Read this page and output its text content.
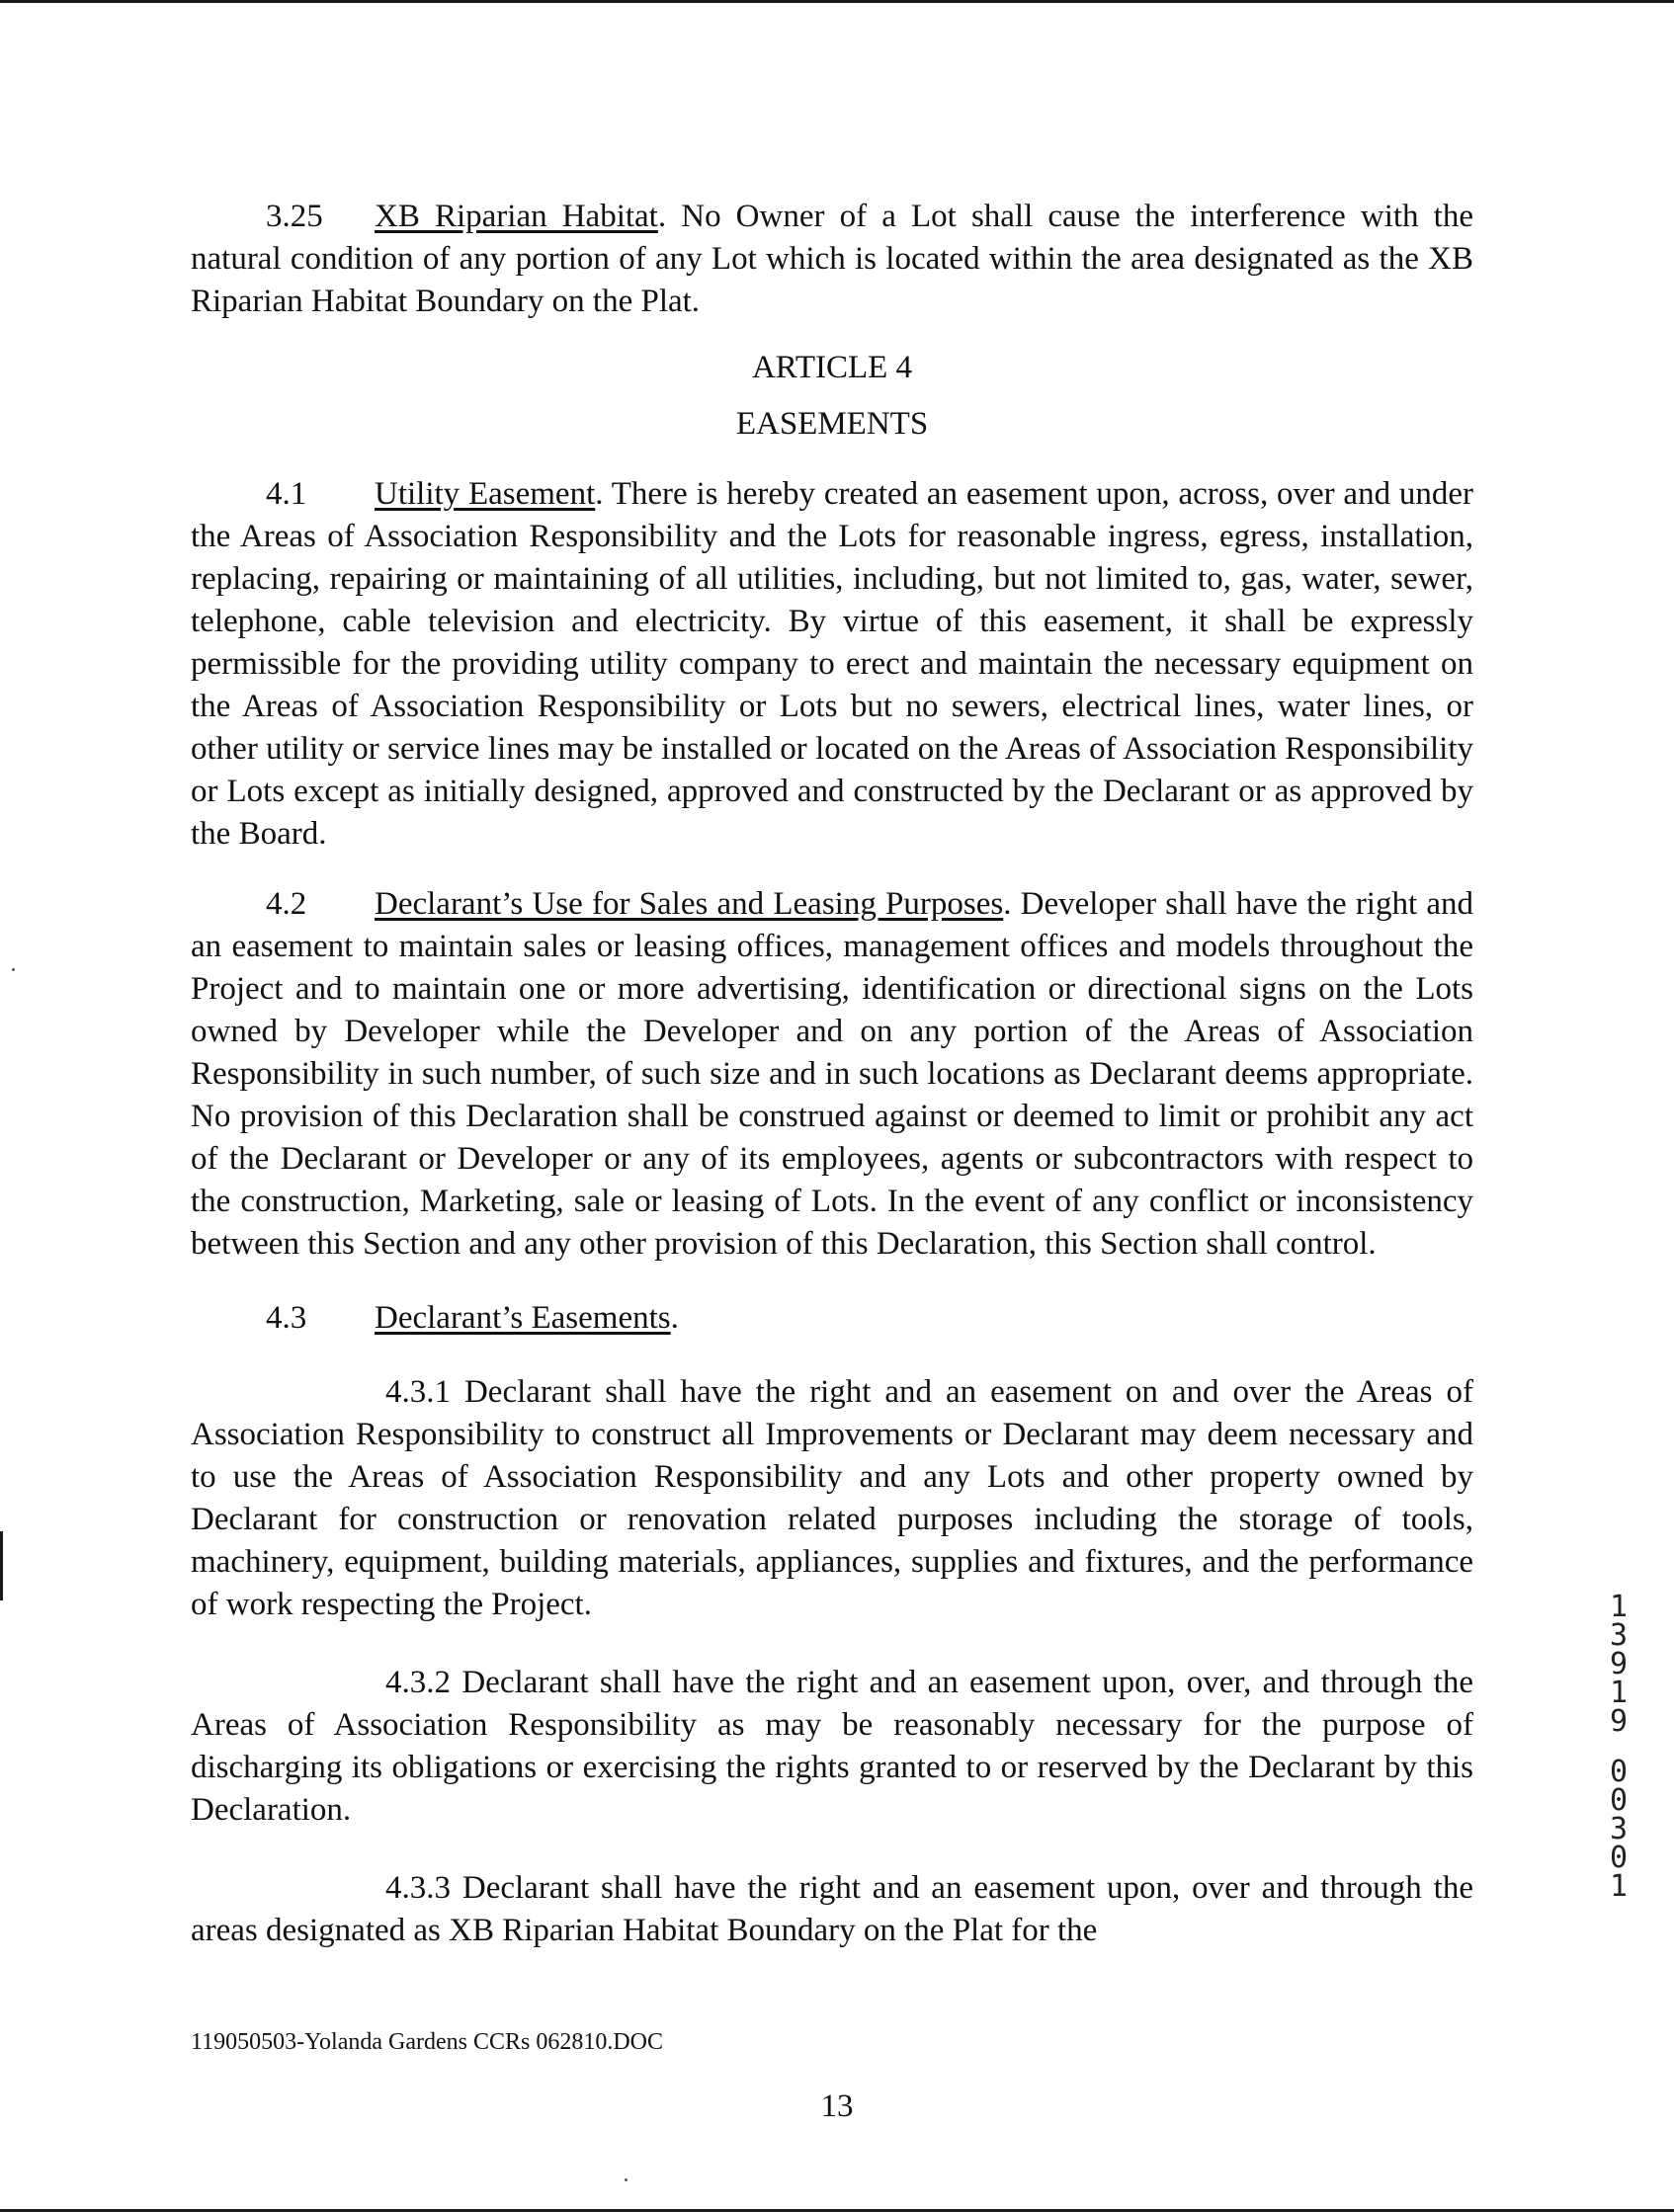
3.25 XB Riparian Habitat. No Owner of a Lot shall cause the interference with the natural condition of any portion of any Lot which is located within the area designated as the XB Riparian Habitat Boundary on the Plat.

ARTICLE 4

EASEMENTS

4.1 Utility Easement. There is hereby created an easement upon, across, over and under the Areas of Association Responsibility and the Lots for reasonable ingress, egress, installation, replacing, repairing or maintaining of all utilities, including, but not limited to, gas, water, sewer, telephone, cable television and electricity. By virtue of this easement, it shall be expressly permissible for the providing utility company to erect and maintain the necessary equipment on the Areas of Association Responsibility or Lots but no sewers, electrical lines, water lines, or other utility or service lines may be installed or located on the Areas of Association Responsibility or Lots except as initially designed, approved and constructed by the Declarant or as approved by the Board.

4.2 Declarant’s Use for Sales and Leasing Purposes. Developer shall have the right and an easement to maintain sales or leasing offices, management offices and models throughout the Project and to maintain one or more advertising, identification or directional signs on the Lots owned by Developer while the Developer and on any portion of the Areas of Association Responsibility in such number, of such size and in such locations as Declarant deems appropriate. No provision of this Declaration shall be construed against or deemed to limit or prohibit any act of the Declarant or Developer or any of its employees, agents or subcontractors with respect to the construction, Marketing, sale or leasing of Lots. In the event of any conflict or inconsistency between this Section and any other provision of this Declaration, this Section shall control.

4.3 Declarant’s Easements.

4.3.1 Declarant shall have the right and an easement on and over the Areas of Association Responsibility to construct all Improvements or Declarant may deem necessary and to use the Areas of Association Responsibility and any Lots and other property owned by Declarant for construction or renovation related purposes including the storage of tools, machinery, equipment, building materials, appliances, supplies and fixtures, and the performance of work respecting the Project.

4.3.2 Declarant shall have the right and an easement upon, over, and through the Areas of Association Responsibility as may be reasonably necessary for the purpose of discharging its obligations or exercising the rights granted to or reserved by the Declarant by this Declaration.

4.3.3 Declarant shall have the right and an easement upon, over and through the areas designated as XB Riparian Habitat Boundary on the Plat for the

1
3
9
1
9
0
0
3
0
1
119050503-Yolanda Gardens CCRs 062810.DOC
13
